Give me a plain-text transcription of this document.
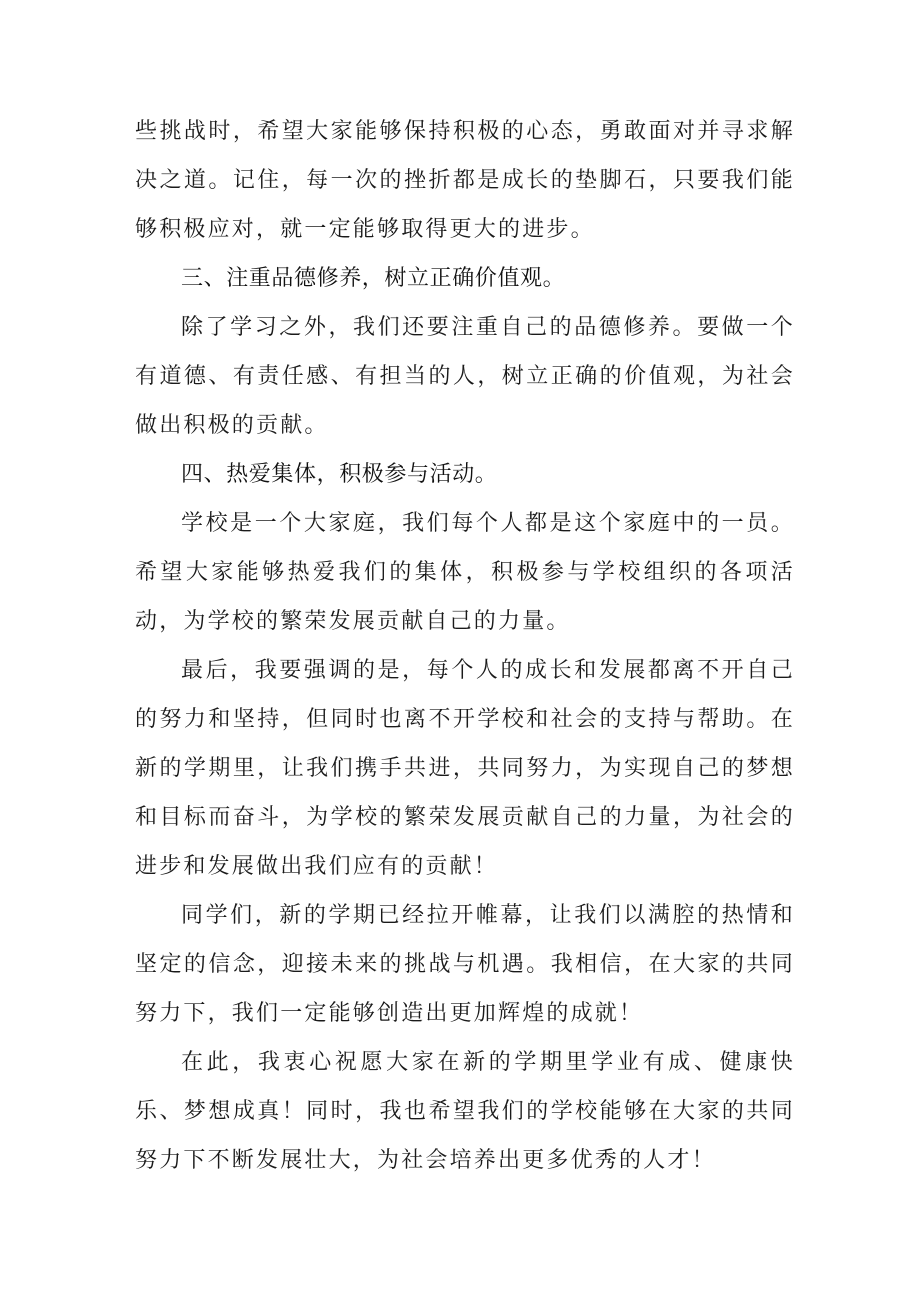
些挑战时，希望大家能够保持积极的心态，勇敢面对并寻求解决之道。记住，每一次的挫折都是成长的垫脚石，只要我们能够积极应对，就一定能够取得更大的进步。

三、注重品德修养，树立正确价值观。

除了学习之外，我们还要注重自己的品德修养。要做一个有道德、有责任感、有担当的人，树立正确的价值观，为社会做出积极的贡献。

四、热爱集体，积极参与活动。

学校是一个大家庭，我们每个人都是这个家庭中的一员。希望大家能够热爱我们的集体，积极参与学校组织的各项活动，为学校的繁荣发展贡献自己的力量。

最后，我要强调的是，每个人的成长和发展都离不开自己的努力和坚持，但同时也离不开学校和社会的支持与帮助。在新的学期里，让我们携手共进，共同努力，为实现自己的梦想和目标而奋斗，为学校的繁荣发展贡献自己的力量，为社会的进步和发展做出我们应有的贡献！

同学们，新的学期已经拉开帷幕，让我们以满腔的热情和坚定的信念，迎接未来的挑战与机遇。我相信，在大家的共同努力下，我们一定能够创造出更加辉煌的成就！

在此，我衷心祝愿大家在新的学期里学业有成、健康快乐、梦想成真！同时，我也希望我们的学校能够在大家的共同努力下不断发展壮大，为社会培养出更多优秀的人才！
